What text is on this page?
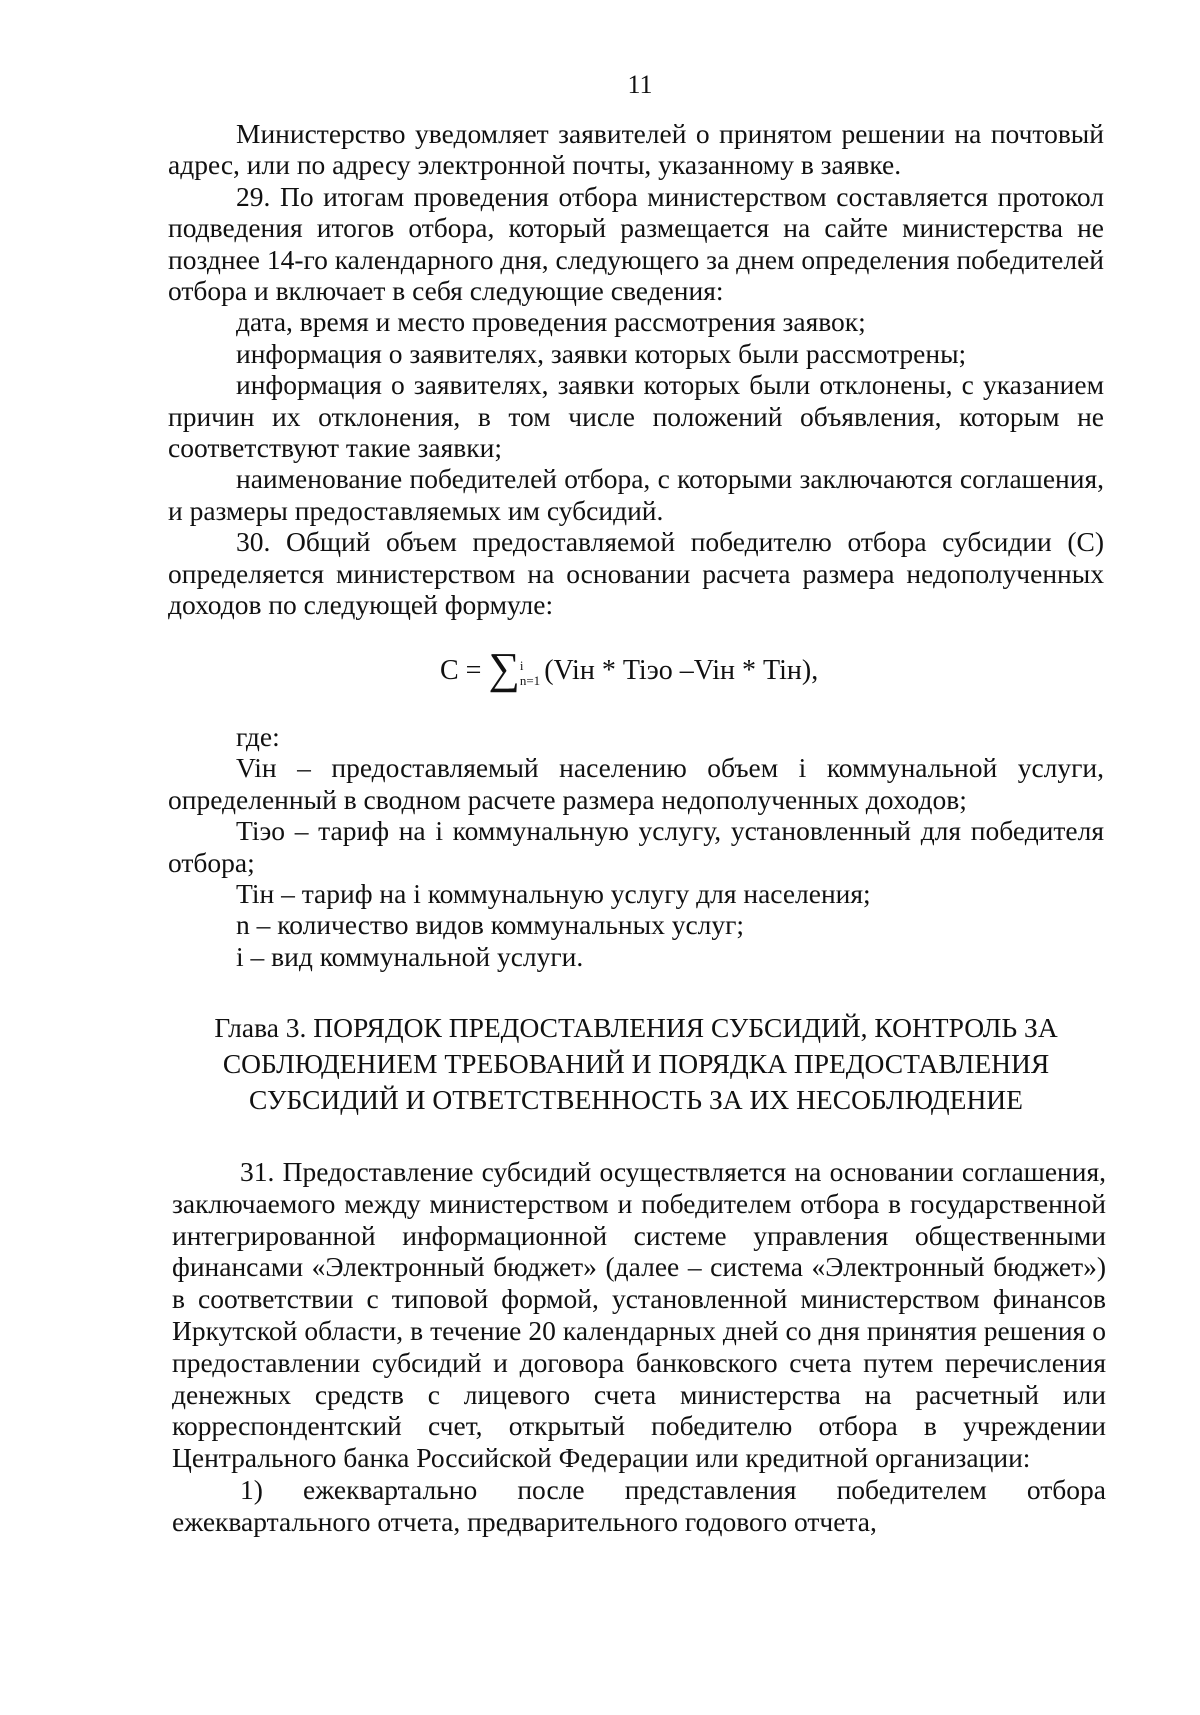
11

Министерство уведомляет заявителей о принятом решении на почтовый адрес, или по адресу электронной почты, указанному в заявке.

29. По итогам проведения отбора министерством составляется протокол подведения итогов отбора, который размещается на сайте министерства не позднее 14-го календарного дня, следующего за днем определения победителей отбора и включает в себя следующие сведения:

дата, время и место проведения рассмотрения заявок;

информация о заявителях, заявки которых были рассмотрены;

информация о заявителях, заявки которых были отклонены, с указанием причин их отклонения, в том числе положений объявления, которым не соответствуют такие заявки;

наименование победителей отбора, с которыми заключаются соглашения, и размеры предоставляемых им субсидий.

30. Общий объем предоставляемой победителю отбора субсидии (С) определяется министерством на основании расчета размера недополученных доходов по следующей формуле:

C = ∑ i
n=1 (Viн * Tiэо –Viн * Tiн),

где:

Viн – предоставляемый населению объем i коммунальной услуги, определенный в сводном расчете размера недополученных доходов;

Tiэо – тариф на i коммунальную услугу, установленный для победителя отбора;

Tiн – тариф на i коммунальную услугу для населения;

n – количество видов коммунальных услуг;

i – вид коммунальной услуги.

Глава 3. ПОРЯДОК ПРЕДОСТАВЛЕНИЯ СУБСИДИЙ, КОНТРОЛЬ ЗА
СОБЛЮДЕНИЕМ ТРЕБОВАНИЙ И ПОРЯДКА ПРЕДОСТАВЛЕНИЯ
СУБСИДИЙ И ОТВЕТСТВЕННОСТЬ ЗА ИХ НЕСОБЛЮДЕНИЕ

31. Предоставление субсидий осуществляется на основании соглашения, заключаемого между министерством и победителем отбора в государственной интегрированной информационной системе управления общественными финансами «Электронный бюджет» (далее – система «Электронный бюджет») в соответствии с типовой формой, установленной министерством финансов Иркутской области, в течение 20 календарных дней со дня принятия решения о предоставлении субсидий и договора банковского счета путем перечисления денежных средств с лицевого счета министерства на расчетный или корреспондентский счет, открытый победителю отбора в учреждении Центрального банка Российской Федерации или кредитной организации:

1) ежеквартально после представления победителем отбора ежеквартального отчета, предварительного годового отчета,
